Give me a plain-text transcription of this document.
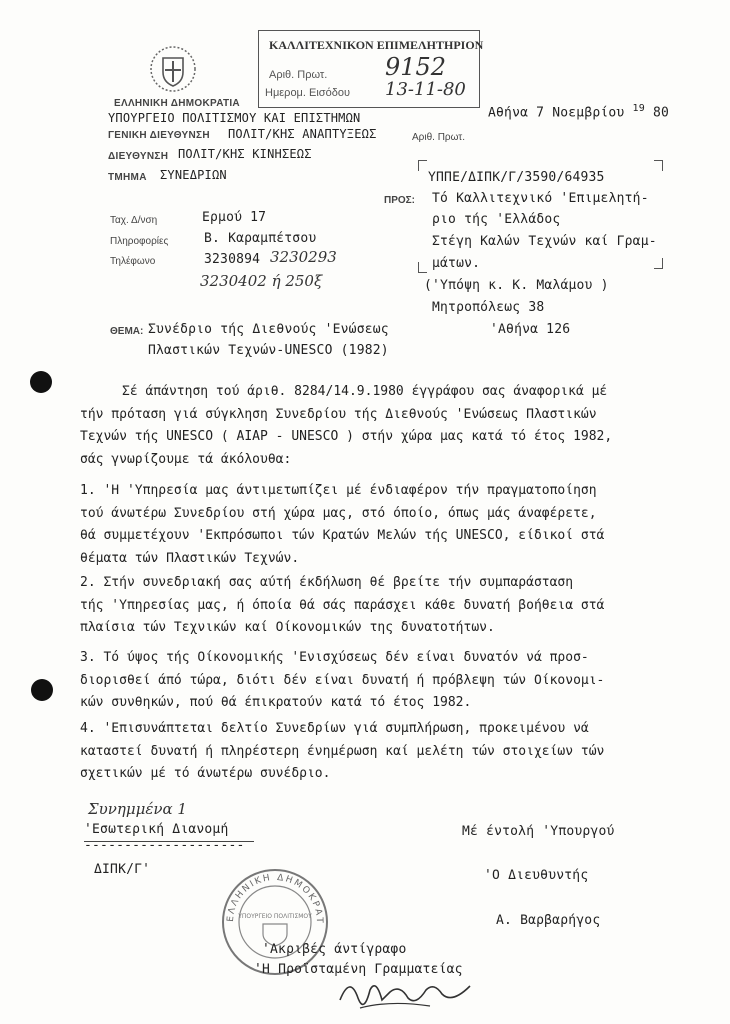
ΕΛΛΗΝΙΚΗ ΔΗΜΟΚΡΑΤΙΑ
ΥΠΟΥΡΓΕΙΟ ΠΟΛΙΤΙΣΜΟΥ ΚΑΙ ΕΠΙΣΤΗΜΩΝ
ΓΕΝΙΚΗ ΔΙΕΥΘΥΝΣΗ ΠΟΛΙΤ/ΚΗΣ ΑΝΑΠΤΥΞΕΩΣ	Αριθ. Πρωτ.
ΔΙΕΥΘΥΝΣΗ ΠΟΛΙΤ/ΚΗΣ ΚΙΝΗΣΕΩΣ
ΤΜΗΜΑ ΣΥΝΕΔΡΙΩΝ
ΚΑΛΛΙΤΕΧΝΙΚΟΝ ΕΠΙΜΕΛΗΤΗΡΙΟΝ
Αριθ. Πρωτ. 9152
Ημερομ. Εισόδου 13-11-80
Αθήνα 7 Νοεμβρίου $^{19}$ 80
Ταχ. Δ/νση	Ερμού 17
Πληροφορίες	Β. Καραμπέτσου
Τηλέφωνο	3230894 3230293
3230402 ή 250ξ
ΠΡΟΣ:
ΥΠΠΕ/ΔΙΠΚ/Γ/3590/64935
Τό Καλλιτεχνικό 'Επιμελητή-
ριο τής 'Ελλάδος
Στέγη Καλών Τεχνών καί Γραμ-
μάτων.
('Υπόψη κ. Κ. Μαλάμου )
Μητροπόλεως 38
'Αθήνα 126
ΘΕΜΑ: Συνέδριο τής Διεθνούς 'Ενώσεως
Πλαστικών Τεχνών-UNESCO (1982)
Σέ άπάντηση τού άριθ. 8284/14.9.1980 έγγράφου σας άναφορικά μέ
τήν πρόταση γιά σύγκληση Συνεδρίου τής Διεθνούς 'Ενώσεως Πλαστικών
Τεχνών τής UNESCO ( AIAP - UNESCO ) στήν χώρα μας κατά τό έτος 1982,
σάς γνωρίζουμε τά άκόλουθα:
1. 'Η 'Υπηρεσία μας άντιμετωπίζει μέ ένδιαφέρον τήν πραγματοποίηση
τού άνωτέρω Συνεδρίου στή χώρα μας, στό όποίο, όπως μάς άναφέρετε,
θά συμμετέχουν 'Εκπρόσωποι τών Κρατών Μελών τής UNESCO, είδικοί στά
θέματα τών Πλαστικών Τεχνών.
2. Στήν συνεδριακή σας αύτή έκδήλωση θέ βρείτε τήν συμπαράσταση
τής 'Υπηρεσίας μας, ή όποία θά σάς παράσχει κάθε δυνατή βοήθεια στά
πλαίσια τών Τεχνικών καί Οίκονομικών της δυνατοτήτων.
3. Τό ύψος τής Οίκονομικής 'Ενισχύσεως δέν είναι δυνατόν νά προσ-
διορισθεί άπό τώρα, διότι δέν είναι δυνατή ή πρόβλεψη τών Οίκονομι-
κών συνθηκών, πού θά έπικρατούν κατά τό έτος 1982.
4. 'Επισυνάπτεται δελτίο Συνεδρίων γιά συμπλήρωση, προκειμένου νά
καταστεί δυνατή ή πληρέστερη ένημέρωση καί μελέτη τών στοιχείων τών
σχετικών μέ τό άνωτέρω συνέδριο.
Συνημμένα 1
'Εσωτερική Διανομή
--------------------
ΔΙΠΚ/Γ'
Μέ έντολή 'Υπουργού
'Ο Διευθυντής
Α. Βαρβαρήγος
ΕΛΛΗΝΙΚΗ ΔΗΜΟΚΡΑΤ
ΥΠΟΥΡΓΕΙΟ ΠΟΛΙΤΙΣΜΟΥ
'Ακριβές άντίγραφο
'Η Προϊσταμένη Γραμματείας
